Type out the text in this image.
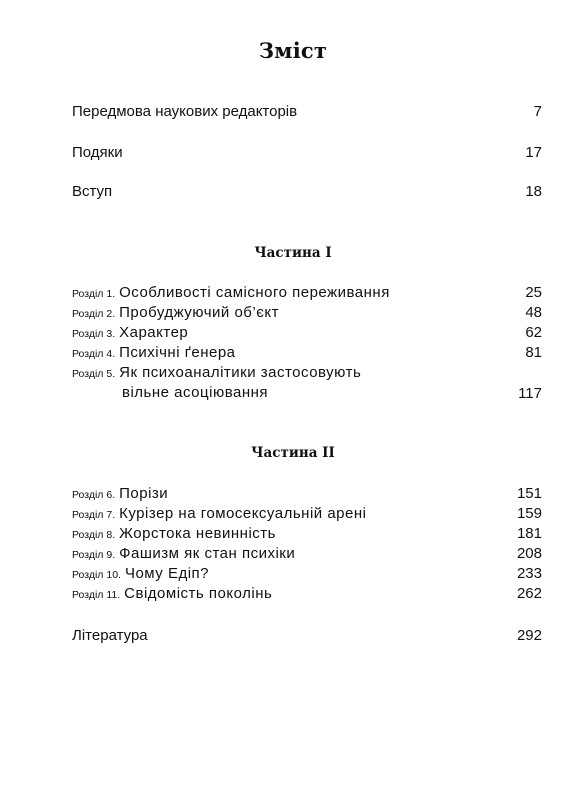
Зміст
Передмова наукових редакторів	7
Подяки	17
Вступ	18
Частина I
Розділ 1. Особливості самісного переживання	25
Розділ 2. Пробуджуючий об’єкт	48
Розділ 3. Характер	62
Розділ 4. Психічні ґенера	81
Розділ 5. Як психоаналітики застосовують
вільне асоціювання	117
Частина II
Розділ 6. Порізи	151
Розділ 7. Курізер на гомосексуальній арені	159
Розділ 8. Жорстока невинність	181
Розділ 9. Фашизм як стан психіки	208
Розділ 10. Чому Едіп?	233
Розділ 11. Свідомість поколінь	262
Література	292
